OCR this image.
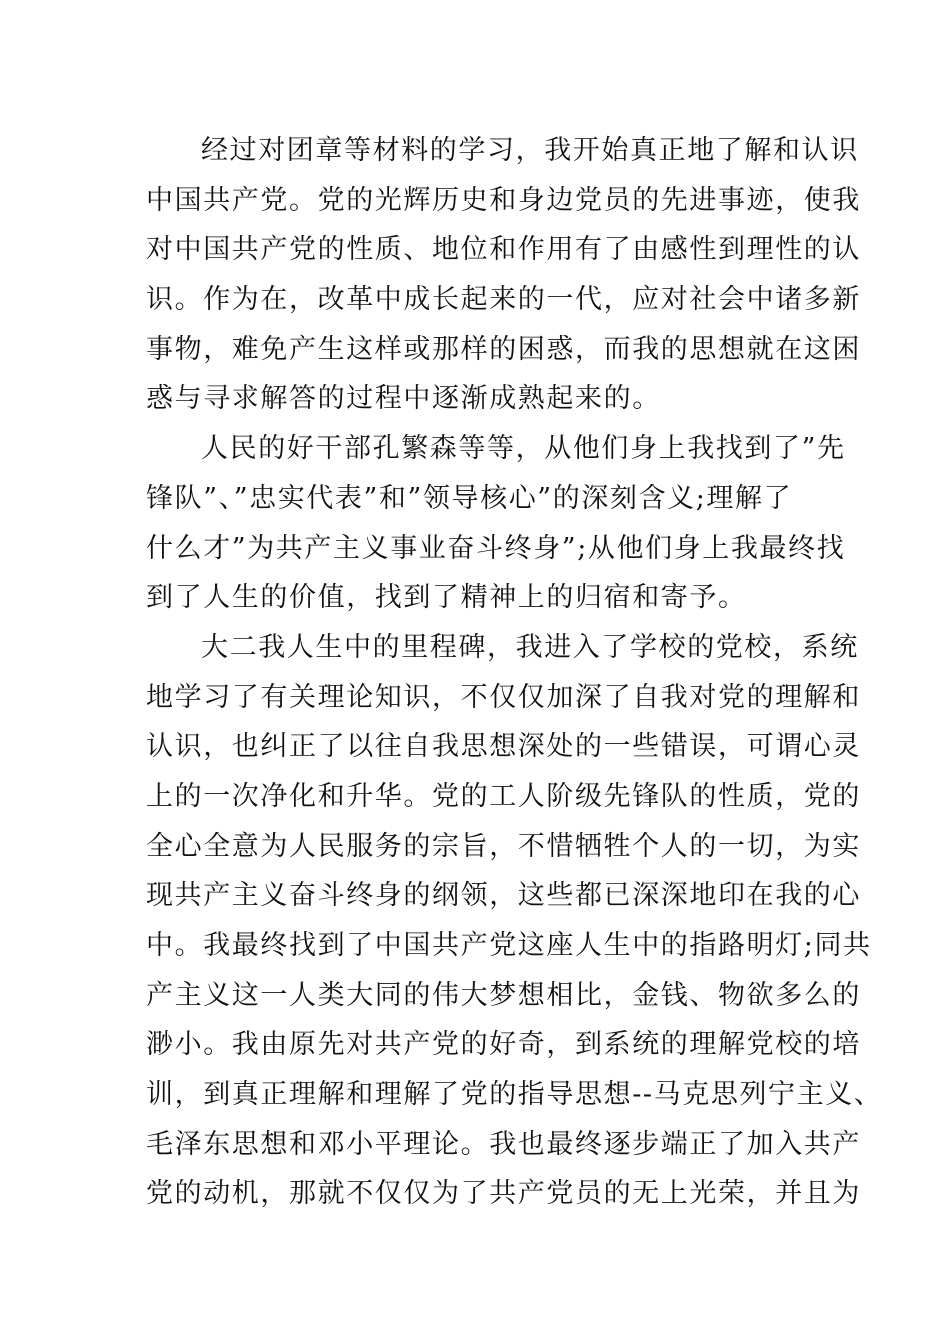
经过对团章等材料的学习，我开始真正地了解和认识
中国共产党。党的光辉历史和身边党员的先进事迹，使我
对中国共产党的性质、地位和作用有了由感性到理性的认
识。作为在，改革中成长起来的一代，应对社会中诸多新
事物，难免产生这样或那样的困惑，而我的思想就在这困
惑与寻求解答的过程中逐渐成熟起来的。
人民的好干部孔繁森等等，从他们身上我找到了”先
锋队”、”忠实代表”和”领导核心”的深刻含义;理解了
什么才”为共产主义事业奋斗终身”;从他们身上我最终找
到了人生的价值，找到了精神上的归宿和寄予。
大二我人生中的里程碑，我进入了学校的党校，系统
地学习了有关理论知识，不仅仅加深了自我对党的理解和
认识，也纠正了以往自我思想深处的一些错误，可谓心灵
上的一次净化和升华。党的工人阶级先锋队的性质，党的
全心全意为人民服务的宗旨，不惜牺牲个人的一切，为实
现共产主义奋斗终身的纲领，这些都已深深地印在我的心
中。我最终找到了中国共产党这座人生中的指路明灯;同共
产主义这一人类大同的伟大梦想相比，金钱、物欲多么的
渺小。我由原先对共产党的好奇，到系统的理解党校的培
训，到真正理解和理解了党的指导思想--马克思列宁主义、
毛泽东思想和邓小平理论。我也最终逐步端正了加入共产
党的动机，那就不仅仅为了共产党员的无上光荣，并且为
